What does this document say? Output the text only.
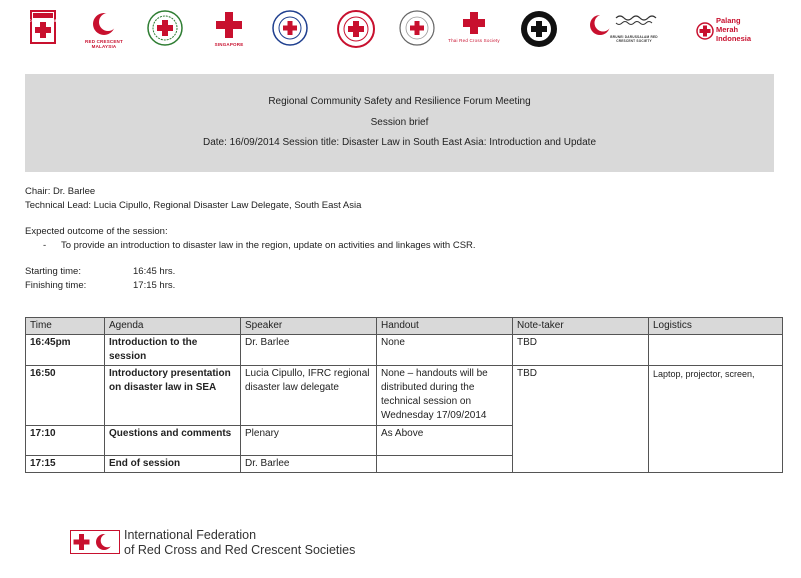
RED CROSS SOCIETY
RED CRESCENT MALAYSIA	SINGAPORE
Thai Red Cross Society
BRUNEI DARUSSALAM RED CRESCENT SOCIETY
Palang
Merah
Indonesia
Regional Community Safety and Resilience Forum Meeting
Session brief
Date: 16/09/2014 Session title: Disaster Law in South East Asia: Introduction and Update
Chair: Dr. Barlee
Technical Lead: Lucia Cipullo, Regional Disaster Law Delegate, South East Asia
Expected outcome of the session:
- To provide an introduction to disaster law in the region, update on activities and linkages with CSR.
Starting time:	16:45 hrs.
Finishing time:	17:15 hrs.
Time	Agenda	Speaker	Handout	Note-taker	Logistics
16:45pm	Introduction to the session	Dr. Barlee	None	TBD	
16:50	Introductory presentation on disaster law in SEA	Lucia Cipullo, IFRC regional disaster law delegate	None – handouts will be distributed during the technical session on Wednesday 17/09/2014	TBD	Laptop, projector, screen,
17:10	Questions and comments	Plenary	As Above		
17:15	End of session	Dr. Barlee			
International Federation
of Red Cross and Red Crescent Societies
